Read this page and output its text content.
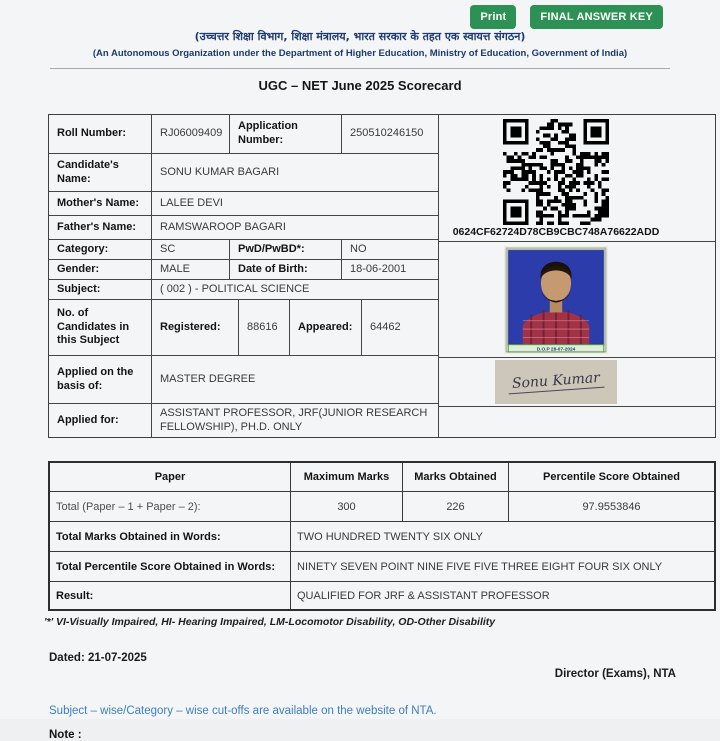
Print	FINAL ANSWER KEY
(उच्चत्तर शिक्षा विभाग, शिक्षा मंत्रालय, भारत सरकार के तहत एक स्वायत्त संगठन)
(An Autonomous Organization under the Department of Higher Education, Ministry of Education, Government of India)
UGC – NET June 2025 Scorecard
Roll Number:	RJ06009409
Application Number:
250510246150
Candidate's Name:
SONU KUMAR BAGARI
Mother's Name:	LALEE DEVI
Father's Name:	RAMSWAROOP BAGARI
Category:	SC	PwD/PwBD*:	NO
Gender:	MALE	Date of Birth:	18-06-2001
Subject:	( 002 ) - POLITICAL SCIENCE
No. of Candidates in this Subject
Registered:	88616	Appeared:	64462
Applied on the basis of:
MASTER DEGREE
Applied for:
ASSISTANT PROFESSOR, JRF(JUNIOR RESEARCH FELLOWSHIP), PH.D. ONLY
0624CF62724D78CB9CBC748A76622ADD
D.O.P 28-07-2024
Sonu Kumar
Paper	Maximum Marks	Marks Obtained	Percentile Score Obtained
Total (Paper – 1 + Paper – 2):	300	226	97.9553846
Total Marks Obtained in Words:	TWO HUNDRED TWENTY SIX ONLY
Total Percentile Score Obtained in Words:	NINETY SEVEN POINT NINE FIVE FIVE THREE EIGHT FOUR SIX ONLY
Result:	QUALIFIED FOR JRF & ASSISTANT PROFESSOR
'*' VI-Visually Impaired, HI- Hearing Impaired, LM-Locomotor Disability, OD-Other Disability
Dated: 21-07-2025
Director (Exams), NTA
Subject – wise/Category – wise cut-offs are available on the website of NTA.
Note :
